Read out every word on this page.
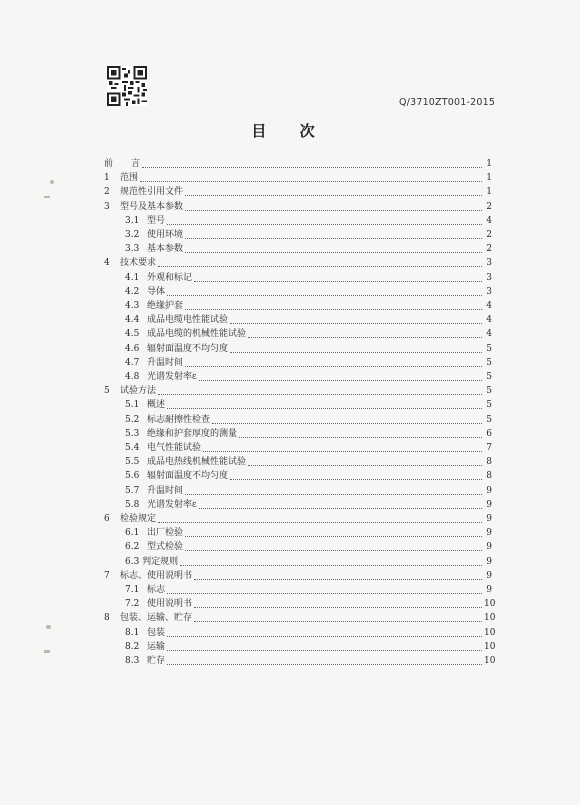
Q/3710ZT001-2015
目 次
前　　言	1
1	范围	1
2	规范性引用文件	1
3	型号及基本参数	2
3.1 型号	4
3.2 使用环境	2
3.3 基本参数	2
4	技术要求	3
4.1 外观和标记	3
4.2 导体	3
4.3 绝缘护套	4
4.4 成品电缆电性能试验	4
4.5 成品电缆的机械性能试验	4
4.6 辐射面温度不均匀度	5
4.7 升温时间	5
4.8 光谱发射率ε	5
5	试验方法	5
5.1 概述	5
5.2 标志耐擦性检查	5
5.3 绝缘和护套厚度的测量	6
5.4 电气性能试验	7
5.5 成品电热线机械性能试验	8
5.6 辐射面温度不均匀度	8
5.7 升温时间	9
5.8 光谱发射率ε	9
6	检验规定	9
6.1 出厂检验	9
6.2 型式检验	9
6.3 判定规则	9
7	标志、使用说明书	9
7.1 标志	9
7.2 使用说明书	10
8	包装、运输、贮存	10
8.1 包装	10
8.2 运输	10
8.3 贮存	10
